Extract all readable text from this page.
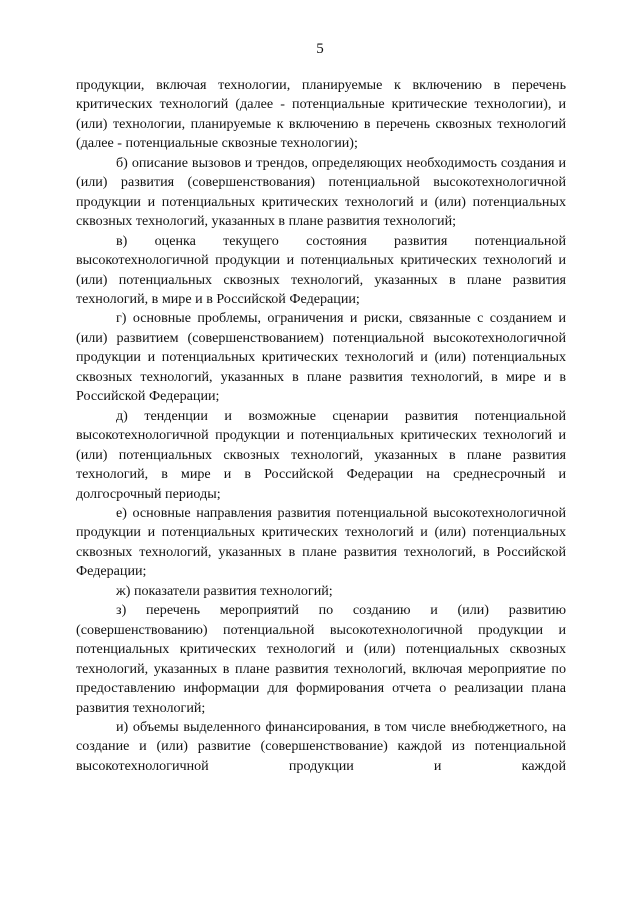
5

продукции, включая технологии, планируемые к включению в перечень критических технологий (далее - потенциальные критические технологии), и (или) технологии, планируемые к включению в перечень сквозных технологий (далее - потенциальные сквозные технологии);

б) описание вызовов и трендов, определяющих необходимость создания и (или) развития (совершенствования) потенциальной высокотехнологичной продукции и потенциальных критических технологий и (или) потенциальных сквозных технологий, указанных в плане развития технологий;

в) оценка текущего состояния развития потенциальной высокотехнологичной продукции и потенциальных критических технологий и (или) потенциальных сквозных технологий, указанных в плане развития технологий, в мире и в Российской Федерации;

г) основные проблемы, ограничения и риски, связанные с созданием и (или) развитием (совершенствованием) потенциальной высокотехнологичной продукции и потенциальных критических технологий и (или) потенциальных сквозных технологий, указанных в плане развития технологий, в мире и в Российской Федерации;

д) тенденции и возможные сценарии развития потенциальной высокотехнологичной продукции и потенциальных критических технологий и (или) потенциальных сквозных технологий, указанных в плане развития технологий, в мире и в Российской Федерации на среднесрочный и долгосрочный периоды;

е) основные направления развития потенциальной высокотехнологичной продукции и потенциальных критических технологий и (или) потенциальных сквозных технологий, указанных в плане развития технологий, в Российской Федерации;

ж) показатели развития технологий;

з) перечень мероприятий по созданию и (или) развитию (совершенствованию) потенциальной высокотехнологичной продукции и потенциальных критических технологий и (или) потенциальных сквозных технологий, указанных в плане развития технологий, включая мероприятие по предоставлению информации для формирования отчета о реализации плана развития технологий;

и) объемы выделенного финансирования, в том числе внебюджетного, на создание и (или) развитие (совершенствование) каждой из потенциальной высокотехнологичной продукции и каждой
